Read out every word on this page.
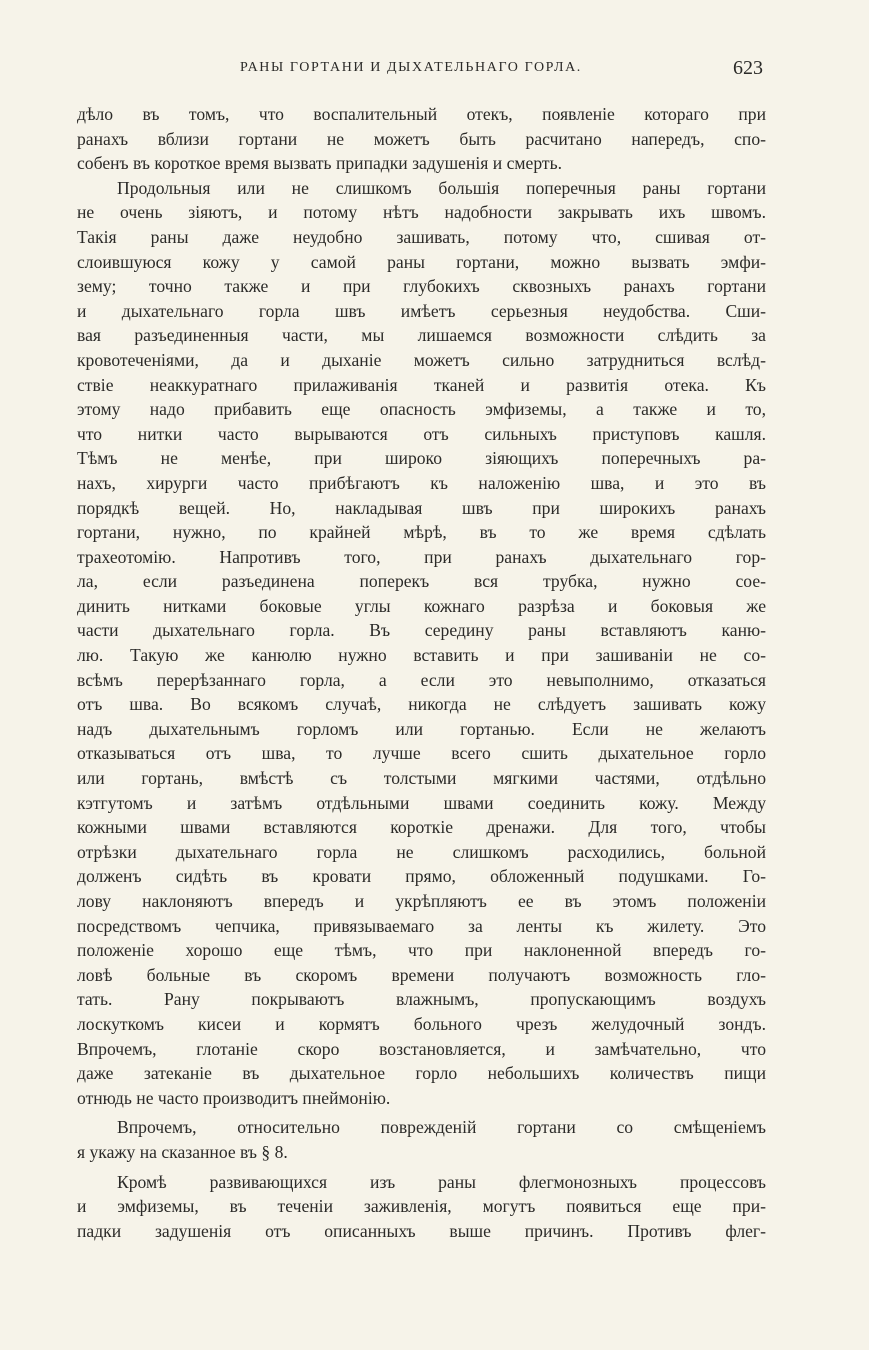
РАНЫ ГОРТАНИ И ДЫХАТЕЛЬНАГО ГОРЛА.	623
дѣло въ томъ, что воспалительный отекъ, появленіе котораго при
ранахъ вблизи гортани не можетъ быть расчитано напередъ, спо-
собенъ въ короткое время вызвать припадки задушенія и смерть.
Продольныя или не слишкомъ большія поперечныя раны гортани
не очень зіяютъ, и потому нѣтъ надобности закрывать ихъ швомъ.
Такія раны даже неудобно зашивать, потому что, сшивая от-
слоившуюся кожу у самой раны гортани, можно вызвать эмфи-
зему; точно также и при глубокихъ сквозныхъ ранахъ гортани
и дыхательнаго горла швъ имѣетъ серьезныя неудобства. Сши-
вая разъединенныя части, мы лишаемся возможности слѣдить за
кровотеченіями, да и дыханіе можетъ сильно затрудниться вслѣд-
ствіе неаккуратнаго прилаживанія тканей и развитія отека. Къ
этому надо прибавить еще опасность эмфиземы, а также и то,
что нитки часто вырываются отъ сильныхъ приступовъ кашля.
Тѣмъ не менѣе, при широко зіяющихъ поперечныхъ ра-
нахъ, хирурги часто прибѣгаютъ къ наложенію шва, и это въ
порядкѣ вещей. Но, накладывая швъ при широкихъ ранахъ
гортани, нужно, по крайней мѣрѣ, въ то же время сдѣлать
трахеотомію. Напротивъ того, при ранахъ дыхательнаго гор-
ла, если разъединена поперекъ вся трубка, нужно сое-
динить нитками боковые углы кожнаго разрѣза и боковыя же
части дыхательнаго горла. Въ середину раны вставляютъ каню-
лю. Такую же канюлю нужно вставить и при зашиваніи не со-
всѣмъ перерѣзаннаго горла, а если это невыполнимо, отказаться
отъ шва. Во всякомъ случаѣ, никогда не слѣдуетъ зашивать кожу
надъ дыхательнымъ горломъ или гортанью. Если не желаютъ
отказываться отъ шва, то лучше всего сшить дыхательное горло
или гортань, вмѣстѣ съ толстыми мягкими частями, отдѣльно
кэтгутомъ и затѣмъ отдѣльными швами соединить кожу. Между
кожными швами вставляются короткіе дренажи. Для того, чтобы
отрѣзки дыхательнаго горла не слишкомъ расходились, больной
долженъ сидѣть въ кровати прямо, обложенный подушками. Го-
лову наклоняютъ впередъ и укрѣпляютъ ее въ этомъ положеніи
посредствомъ чепчика, привязываемаго за ленты къ жилету. Это
положеніе хорошо еще тѣмъ, что при наклоненной впередъ го-
ловѣ больные въ скоромъ времени получаютъ возможность гло-
тать. Рану покрываютъ влажнымъ, пропускающимъ воздухъ
лоскуткомъ кисеи и кормятъ больного чрезъ желудочный зондъ.
Впрочемъ, глотаніе скоро возстановляется, и замѣчательно, что
даже затеканіе въ дыхательное горло небольшихъ количествъ пищи
отнюдь не часто производитъ пнеймонію.
Впрочемъ, относительно поврежденій гортани со смѣщеніемъ
я укажу на сказанное въ § 8.
Кромѣ развивающихся изъ раны флегмонозныхъ процессовъ
и эмфиземы, въ теченіи заживленія, могутъ появиться еще при-
падки задушенія отъ описанныхъ выше причинъ. Противъ флег-
